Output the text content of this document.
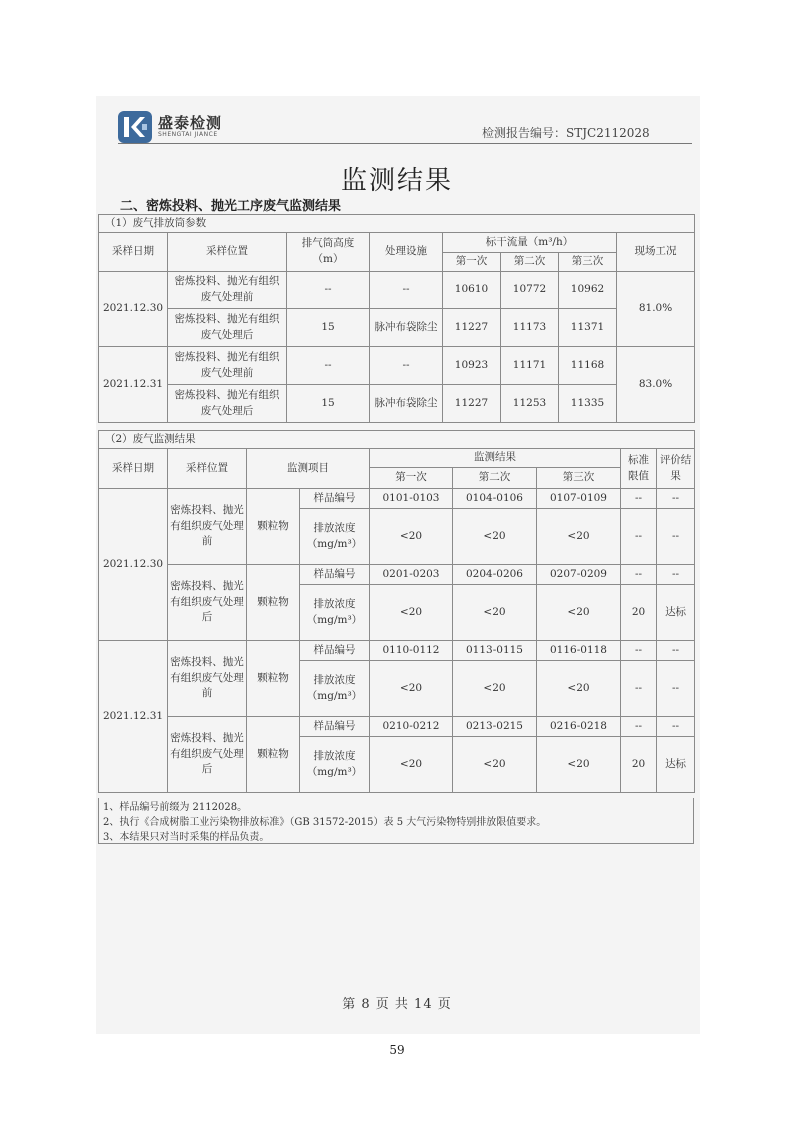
盛泰检测
SHENGTAI JIANCE	检测报告编号：STJC2112028
监测结果
二、密炼投料、抛光工序废气监测结果
（1）废气排放筒参数							
采样日期	采样位置	排气筒高度（m）	处理设施	标干流量（m³/h）			现场工况
				第一次	第二次	第三次	
2021.12.30	密炼投料、抛光有组织废气处理前	--	--	10610	10772	10962	81.0%
	密炼投料、抛光有组织废气处理后	15	脉冲布袋除尘	11227	11173	11371	
2021.12.31	密炼投料、抛光有组织废气处理前	--	--	10923	11171	11168	83.0%
	密炼投料、抛光有组织废气处理后	15	脉冲布袋除尘	11227	11253	11335	
（2）废气监测结果								
采样日期	采样位置	监测项目		监测结果			标准限值	评价结果
				第一次	第二次	第三次		
2021.12.30	密炼投料、抛光有组织废气处理前	颗粒物	样品编号	0101-0103	0104-0106	0107-0109	--	--
			排放浓度（mg/m³）	<20	<20	<20	--	--
	密炼投料、抛光有组织废气处理后	颗粒物	样品编号	0201-0203	0204-0206	0207-0209	--	--
			排放浓度（mg/m³）	<20	<20	<20	20	达标
2021.12.31	密炼投料、抛光有组织废气处理前	颗粒物	样品编号	0110-0112	0113-0115	0116-0118	--	--
			排放浓度（mg/m³）	<20	<20	<20	--	--
	密炼投料、抛光有组织废气处理后	颗粒物	样品编号	0210-0212	0213-0215	0216-0218	--	--
			排放浓度（mg/m³）	<20	<20	<20	20	达标
1、样品编号前缀为 2112028。
2、执行《合成树脂工业污染物排放标准》（GB 31572-2015）表 5 大气污染物特别排放限值要求。
3、本结果只对当时采集的样品负责。
第 8 页 共 14 页
59
